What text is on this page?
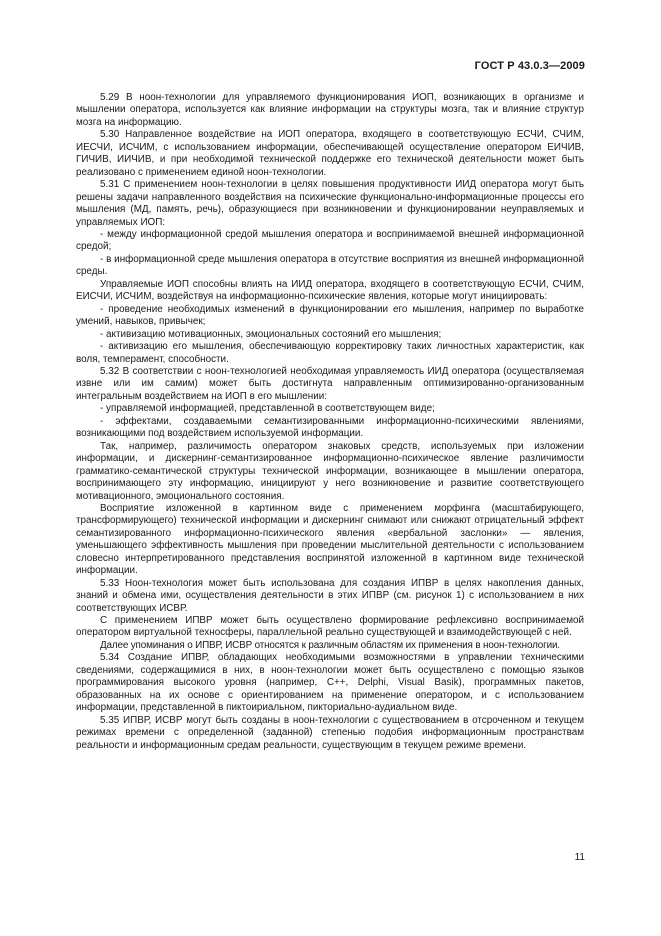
ГОСТ Р 43.0.3—2009

5.29 В ноон-технологии для управляемого функционирования ИОП, возникающих в организме и мышлении оператора, используется как влияние информации на структуры мозга, так и влияние структур мозга на информацию.

5.30 Направленное воздействие на ИОП оператора, входящего в соответствующую ЕСЧИ, СЧИМ, ИЕСЧИ, ИСЧИМ, с использованием информации, обеспечивающей осуществление оператором ЕИЧИВ, ГИЧИВ, ИИЧИВ, и при необходимой технической поддержке его технической деятельности может быть реализовано с применением единой ноон-технологии.

5.31 С применением ноон-технологии в целях повышения продуктивности ИИД оператора могут быть решены задачи направленного воздействия на психические функционально-информационные процессы его мышления (МД, память, речь), образующиеся при возникновении и функционировании неуправляемых и управляемых ИОП:

- между информационной средой мышления оператора и воспринимаемой внешней информационной средой;

- в информационной среде мышления оператора в отсутствие восприятия из внешней информационной среды.

Управляемые ИОП способны влиять на ИИД оператора, входящего в соответствующую ЕСЧИ, СЧИМ, ЕИСЧИ, ИСЧИМ, воздействуя на информационно-психические явления, которые могут инициировать:

- проведение необходимых изменений в функционировании его мышления, например по выработке умений, навыков, привычек;

- активизацию мотивационных, эмоциональных состояний его мышления;

- активизацию его мышления, обеспечивающую корректировку таких личностных характеристик, как воля, темперамент, способности.

5.32 В соответствии с ноон-технологией необходимая управляемость ИИД оператора (осуществляемая извне или им самим) может быть достигнута направленным оптимизированно-организованным интегральным воздействием на ИОП в его мышлении:

- управляемой информацией, представленной в соответствующем виде;

- эффектами, создаваемыми семантизированными информационно-психическими явлениями, возникающими под воздействием используемой информации.

Так, например, различимость оператором знаковых средств, используемых при изложении информации, и дискернинг-семантизированное информационно-психическое явление различимости грамматико-семантической структуры технической информации, возникающее в мышлении оператора, воспринимающего эту информацию, инициируют у него возникновение и развитие соответствующего мотивационного, эмоционального состояния.

Восприятие изложенной в картинном виде с применением морфинга (масштабирующего, трансформирующего) технической информации и дискернинг снимают или снижают отрицательный эффект семантизированного информационно-психического явления «вербальной заслонки» — явления, уменьшающего эффективность мышления при проведении мыслительной деятельности с использованием словесно интерпретированного представления воспринятой изложенной в картинном виде технической информации.

5.33 Ноон-технология может быть использована для создания ИПВР в целях накопления данных, знаний и обмена ими, осуществления деятельности в этих ИПВР (см. рисунок 1) с использованием в них соответствующих ИСВР.

С применением ИПВР может быть осуществлено формирование рефлексивно воспринимаемой оператором виртуальной техносферы, параллельной реально существующей и взаимодействующей с ней.

Далее упоминания о ИПВР, ИСВР относятся к различным областям их применения в ноон-технологии.

5.34 Создание ИПВР, обладающих необходимыми возможностями в управлении техническими сведениями, содержащимися в них, в ноон-технологии может быть осуществлено с помощью языков программирования высокого уровня (например, С++, Delphi, Visual Basik), программных пакетов, образованных на их основе с ориентированием на применение оператором, и с использованием информации, представленной в пиктоириальном, пикториально-аудиальном виде.

5.35 ИПВР, ИСВР могут быть созданы в ноон-технологии с существованием в отсроченном и текущем режимах времени с определенной (заданной) степенью подобия информационным пространствам реальности и информационным средам реальности, существующим в текущем режиме времени.

11
